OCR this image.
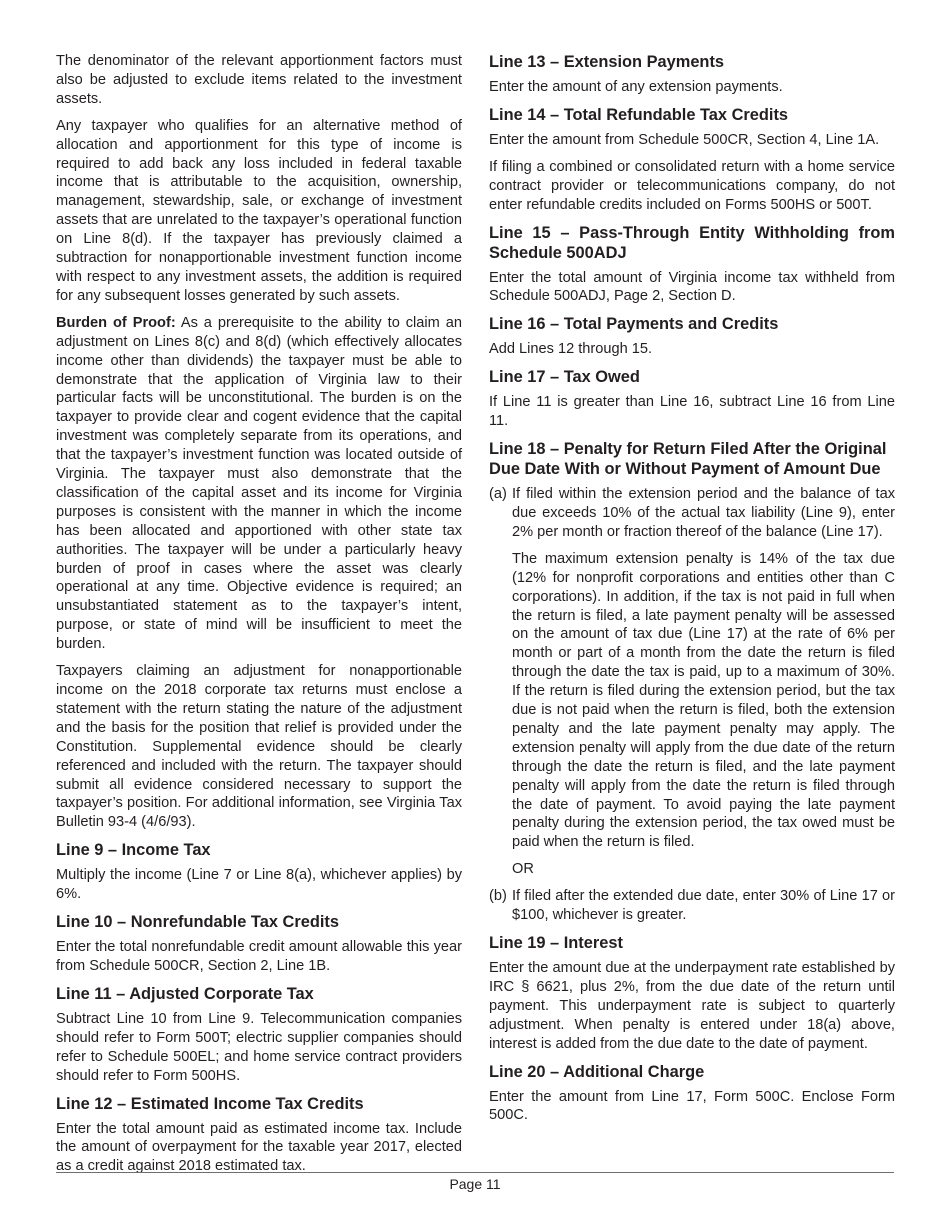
The denominator of the relevant apportionment factors must also be adjusted to exclude items related to the investment assets.

Any taxpayer who qualifies for an alternative method of allocation and apportionment for this type of income is required to add back any loss included in federal taxable income that is attributable to the acquisition, ownership, management, stewardship, sale, or exchange of investment assets that are unrelated to the taxpayer’s operational function on Line 8(d). If the taxpayer has previously claimed a subtraction for nonapportionable investment function income with respect to any investment assets, the addition is required for any subsequent losses generated by such assets.

Burden of Proof: As a prerequisite to the ability to claim an adjustment on Lines 8(c) and 8(d) (which effectively allocates income other than dividends) the taxpayer must be able to demonstrate that the application of Virginia law to their particular facts will be unconstitutional. The burden is on the taxpayer to provide clear and cogent evidence that the capital investment was completely separate from its operations, and that the taxpayer’s investment function was located outside of Virginia. The taxpayer must also demonstrate that the classification of the capital asset and its income for Virginia purposes is consistent with the manner in which the income has been allocated and apportioned with other state tax authorities. The taxpayer will be under a particularly heavy burden of proof in cases where the asset was clearly operational at any time. Objective evidence is required; an unsubstantiated statement as to the taxpayer’s intent, purpose, or state of mind will be insufficient to meet the burden.

Taxpayers claiming an adjustment for nonapportionable income on the 2018 corporate tax returns must enclose a statement with the return stating the nature of the adjustment and the basis for the position that relief is provided under the Constitution. Supplemental evidence should be clearly referenced and included with the return. The taxpayer should submit all evidence considered necessary to support the taxpayer’s position. For additional information, see Virginia Tax Bulletin 93-4 (4/6/93).

Line 9 – Income Tax

Multiply the income (Line 7 or Line 8(a), whichever applies) by 6%.

Line 10 – Nonrefundable Tax Credits

Enter the total nonrefundable credit amount allowable this year from Schedule 500CR, Section 2, Line 1B.

Line 11 – Adjusted Corporate Tax

Subtract Line 10 from Line 9. Telecommunication companies should refer to Form 500T; electric supplier companies should refer to Schedule 500EL; and home service contract providers should refer to Form 500HS.

Line 12 – Estimated Income Tax Credits

Enter the total amount paid as estimated income tax. Include the amount of overpayment for the taxable year 2017, elected as a credit against 2018 estimated tax.

Line 13 – Extension Payments

Enter the amount of any extension payments.

Line 14 – Total Refundable Tax Credits

Enter the amount from Schedule 500CR, Section 4, Line 1A.

If filing a combined or consolidated return with a home service contract provider or telecommunications company, do not enter refundable credits included on Forms 500HS or 500T.

Line 15 – Pass-Through Entity Withholding from Schedule 500ADJ

Enter the total amount of Virginia income tax withheld from Schedule 500ADJ, Page 2, Section D.

Line 16 – Total Payments and Credits

Add Lines 12 through 15.

Line 17 – Tax Owed

If Line 11 is greater than Line 16, subtract Line 16 from Line 11.

Line 18 – Penalty for Return Filed After the Original Due Date With or Without Payment of Amount Due
(a) If filed within the extension period and the balance of tax due exceeds 10% of the actual tax liability (Line 9), enter 2% per month or fraction thereof of the balance (Line 17).

The maximum extension penalty is 14% of the tax due (12% for nonprofit corporations and entities other than C corporations). In addition, if the tax is not paid in full when the return is filed, a late payment penalty will be assessed on the amount of tax due (Line 17) at the rate of 6% per month or part of a month from the date the return is filed through the date the tax is paid, up to a maximum of 30%. If the return is filed during the extension period, but the tax due is not paid when the return is filed, both the extension penalty and the late payment penalty may apply. The extension penalty will apply from the due date of the return through the date the return is filed, and the late payment penalty will apply from the date the return is filed through the date of payment. To avoid paying the late payment penalty during the extension period, the tax owed must be paid when the return is filed.

OR

(b) If filed after the extended due date, enter 30% of Line 17 or $100, whichever is greater.
Line 19 – Interest

Enter the amount due at the underpayment rate established by IRC § 6621, plus 2%, from the due date of the return until payment. This underpayment rate is subject to quarterly adjustment. When penalty is entered under 18(a) above, interest is added from the due date to the date of payment.

Line 20 – Additional Charge

Enter the amount from Line 17, Form 500C. Enclose Form 500C.

Page 11
